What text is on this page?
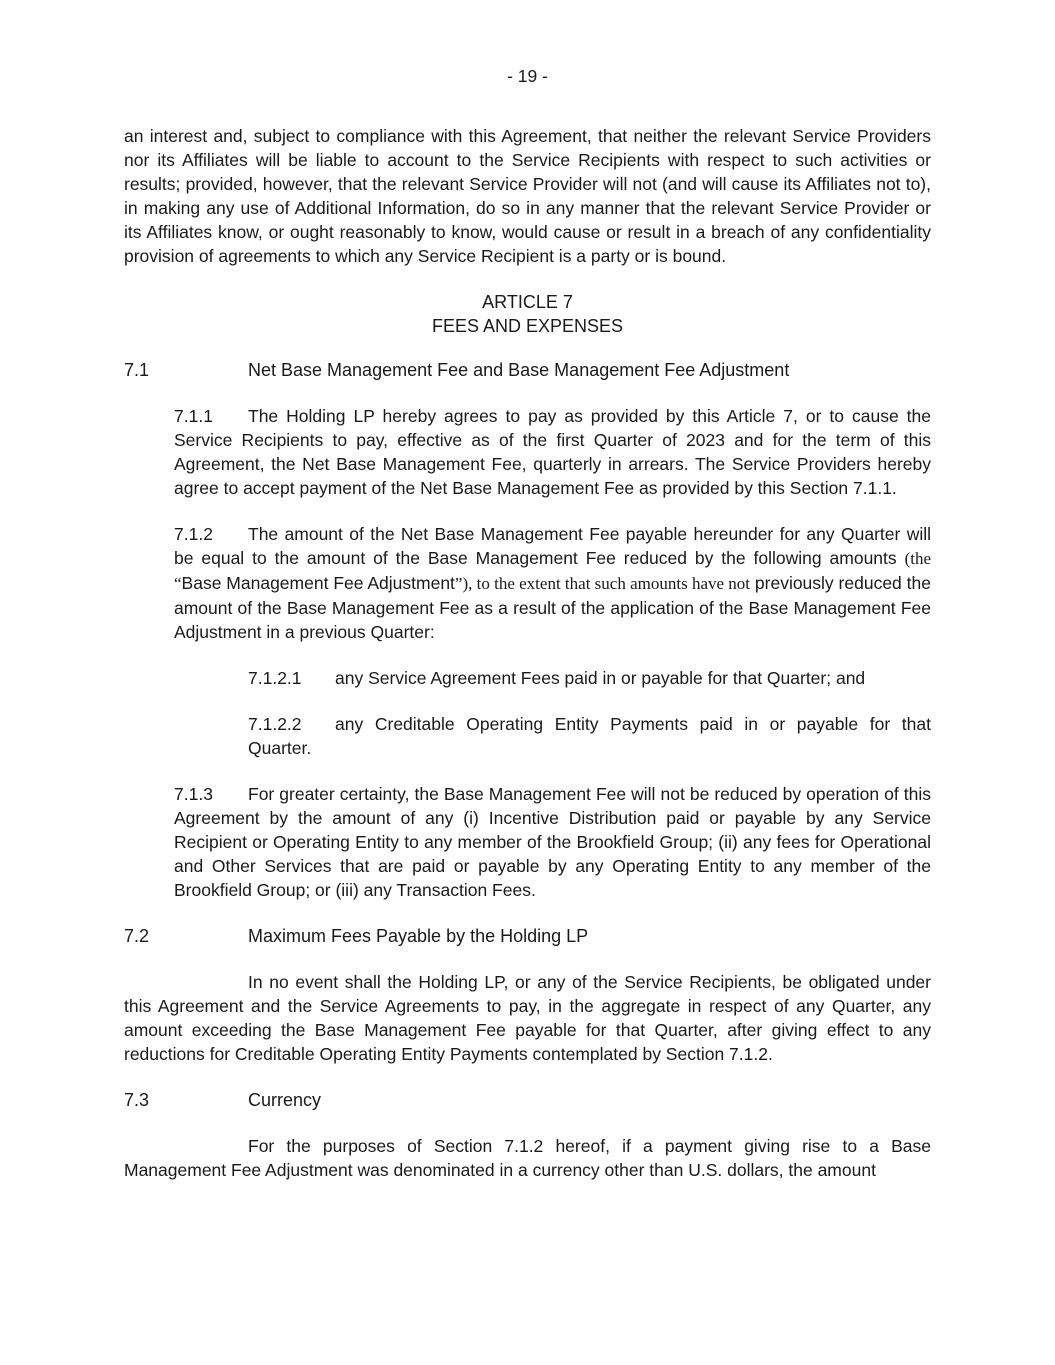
- 19 -

an interest and, subject to compliance with this Agreement, that neither the relevant Service Providers nor its Affiliates will be liable to account to the Service Recipients with respect to such activities or results; provided, however, that the relevant Service Provider will not (and will cause its Affiliates not to), in making any use of Additional Information, do so in any manner that the relevant Service Provider or its Affiliates know, or ought reasonably to know, would cause or result in a breach of any confidentiality provision of agreements to which any Service Recipient is a party or is bound.

ARTICLE 7
FEES AND EXPENSES
7.1	Net Base Management Fee and Base Management Fee Adjustment

7.1.1 The Holding LP hereby agrees to pay as provided by this Article 7, or to cause the Service Recipients to pay, effective as of the first Quarter of 2023 and for the term of this Agreement, the Net Base Management Fee, quarterly in arrears. The Service Providers hereby agree to accept payment of the Net Base Management Fee as provided by this Section 7.1.1.

7.1.2 The amount of the Net Base Management Fee payable hereunder for any Quarter will be equal to the amount of the Base Management Fee reduced by the following amounts (the “Base Management Fee Adjustment”), to the extent that such amounts have not previously reduced the amount of the Base Management Fee as a result of the application of the Base Management Fee Adjustment in a previous Quarter:

7.1.2.1 any Service Agreement Fees paid in or payable for that Quarter; and

7.1.2.2 any Creditable Operating Entity Payments paid in or payable for that Quarter.

7.1.3 For greater certainty, the Base Management Fee will not be reduced by operation of this Agreement by the amount of any (i) Incentive Distribution paid or payable by any Service Recipient or Operating Entity to any member of the Brookfield Group; (ii) any fees for Operational and Other Services that are paid or payable by any Operating Entity to any member of the Brookfield Group; or (iii) any Transaction Fees.

7.2	Maximum Fees Payable by the Holding LP

In no event shall the Holding LP, or any of the Service Recipients, be obligated under this Agreement and the Service Agreements to pay, in the aggregate in respect of any Quarter, any amount exceeding the Base Management Fee payable for that Quarter, after giving effect to any reductions for Creditable Operating Entity Payments contemplated by Section 7.1.2.

7.3	Currency

For the purposes of Section 7.1.2 hereof, if a payment giving rise to a Base Management Fee Adjustment was denominated in a currency other than U.S. dollars, the amount
